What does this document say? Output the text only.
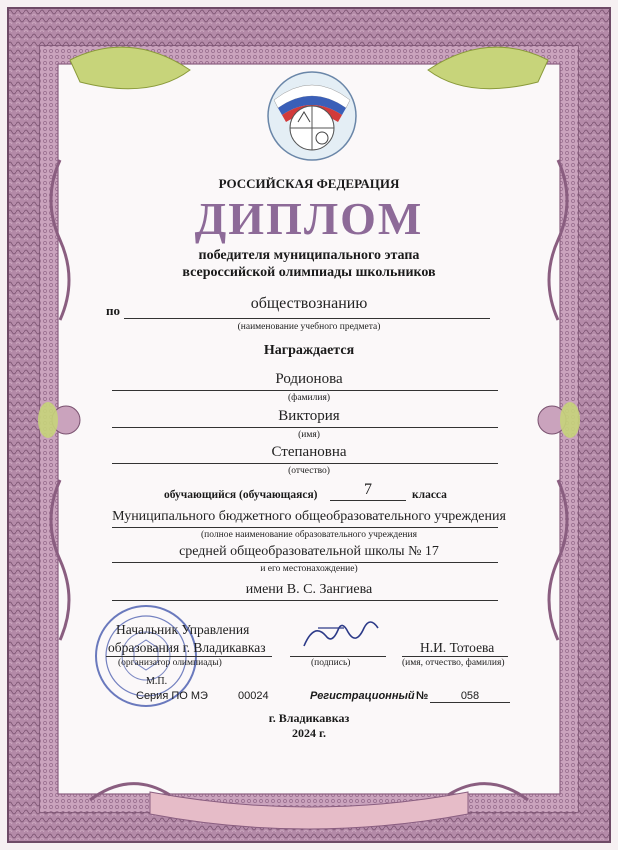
РОССИЙСКАЯ ФЕДЕРАЦИЯ
ДИПЛОМ
победителя муниципального этапа
всероссийской олимпиады школьников
по	обществознанию
(наименование учебного предмета)
Награждается
Родионова
(фамилия)
Виктория
(имя)
Степановна
(отчество)
обучающийся (обучающаяся)	7	класса
Муниципального бюджетного общеобразовательного учреждения
(полное наименование образовательного учреждения
средней общеобразовательной школы № 17
и его местонахождение)
имени В. С. Зангиева
Начальник Управления
образования г. Владикавказ
(организатор олимпиады)	(подпись)
Н.И. Тотоева
(имя, отчество, фамилия)
М.П.
Серия ПО МЭ	00024	Регистрационный №	058
г. Владикавказ
2024 г.
